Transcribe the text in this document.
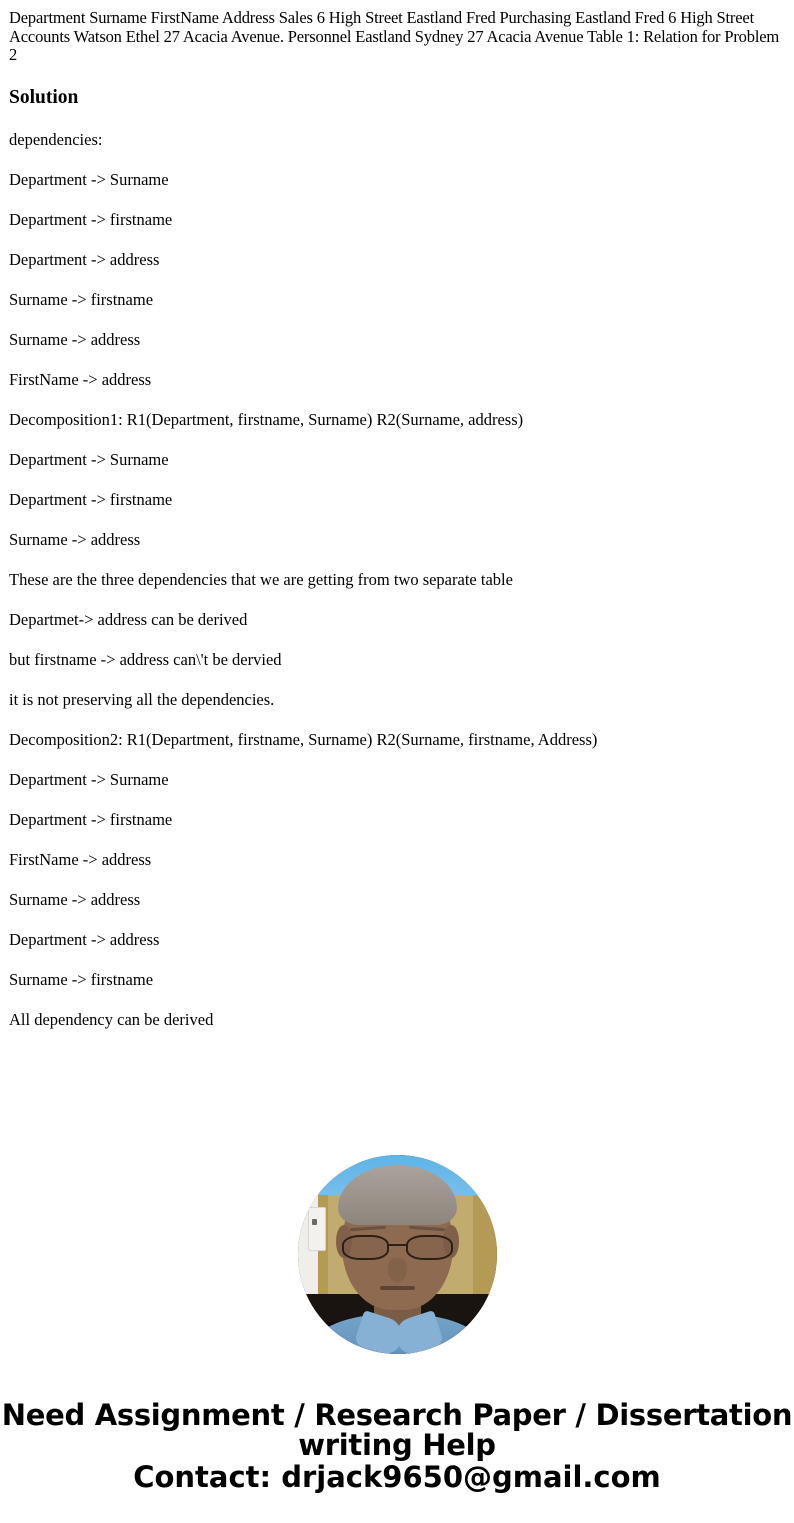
Department Surname FirstName Address Sales 6 High Street Eastland Fred Purchasing Eastland Fred 6 High Street Accounts Watson Ethel 27 Acacia Avenue. Personnel Eastland Sydney 27 Acacia Avenue Table 1: Relation for Problem 2

Solution

dependencies:

Department -> Surname

Department -> firstname

Department -> address

Surname -> firstname

Surname -> address

FirstName -> address

Decomposition1: R1(Department, firstname, Surname) R2(Surname, address)

Department -> Surname

Department -> firstname

Surname -> address

These are the three dependencies that we are getting from two separate table

Departmet-> address can be derived

but firstname -> address can\'t be dervied

it is not preserving all the dependencies.

Decomposition2: R1(Department, firstname, Surname) R2(Surname, firstname, Address)

Department -> Surname

Department -> firstname

FirstName -> address

Surname -> address

Department -> address

Surname -> firstname

All dependency can be derived

Need Assignment / Research Paper / Dissertation
writing Help
Contact: drjack9650@gmail.com
